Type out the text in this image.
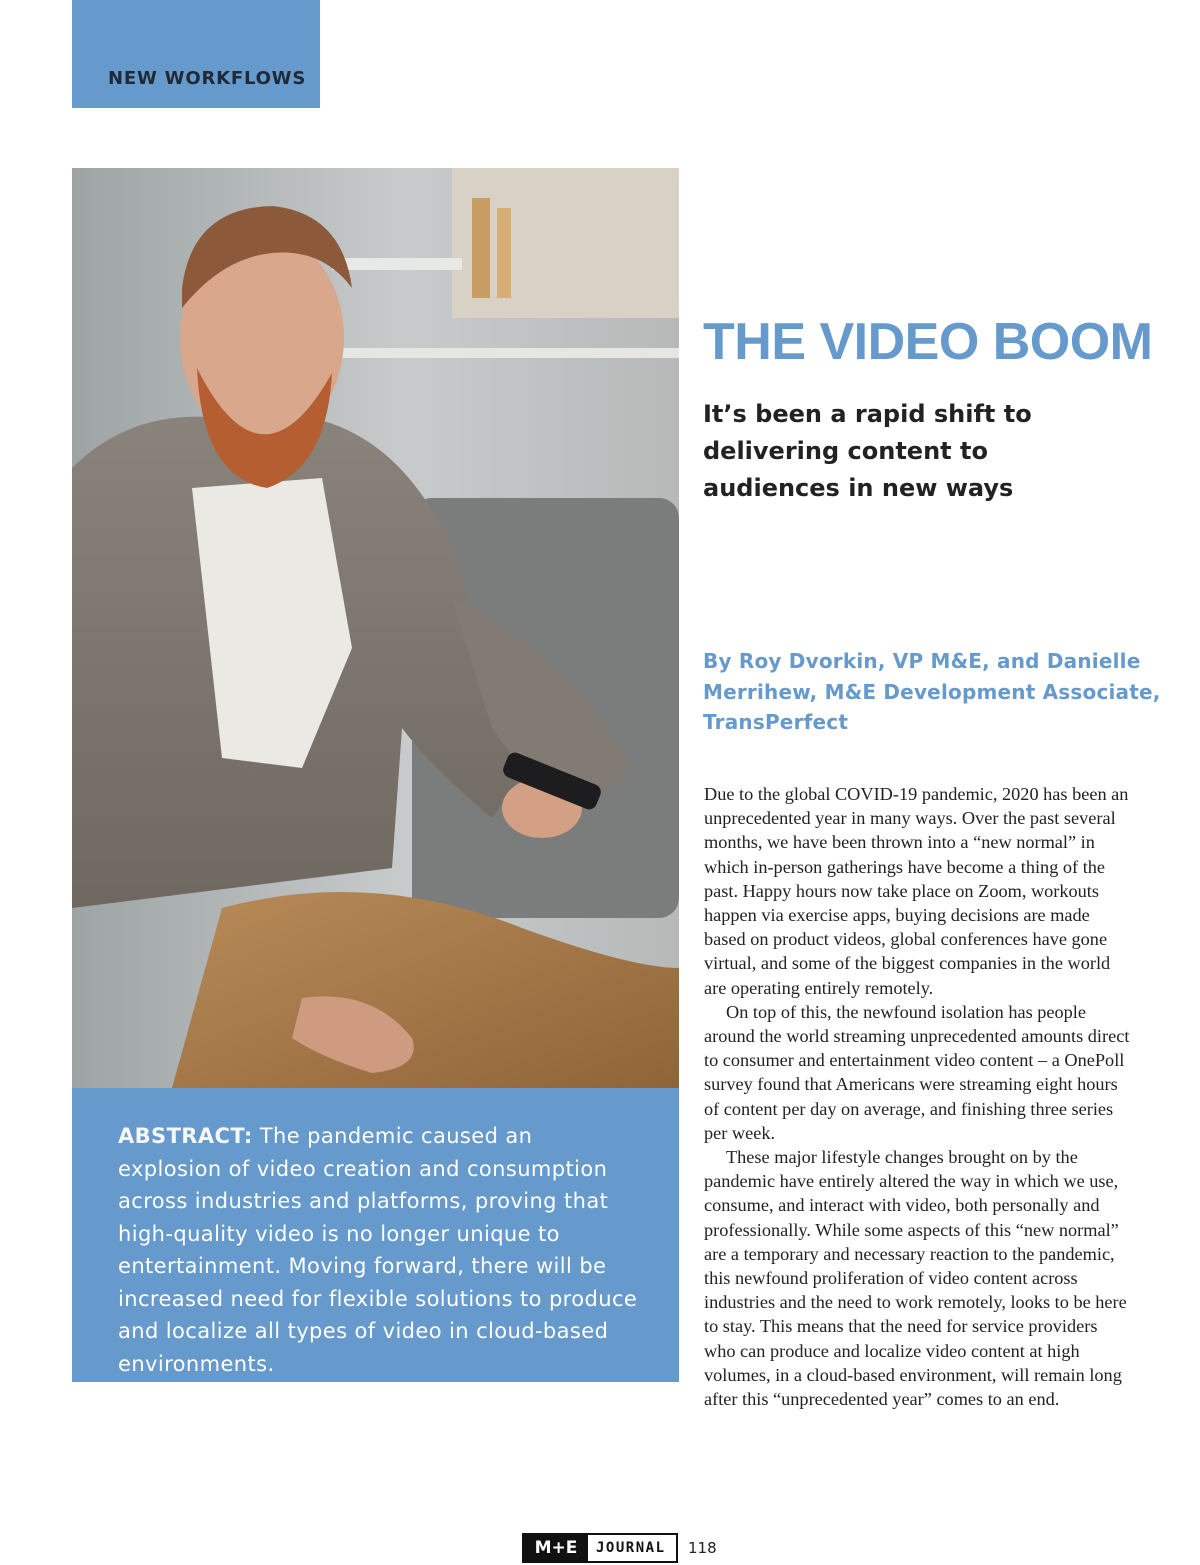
NEW WORKFLOWS

ABSTRACT: The pandemic caused an explosion of video creation and consumption across industries and platforms, proving that high-quality video is no longer unique to entertainment. Moving forward, there will be increased need for flexible solutions to produce and localize all types of video in cloud-based environments.

THE VIDEO BOOM
It’s been a rapid shift to delivering content to audiences in new ways

By Roy Dvorkin, VP M&E, and Danielle Merrihew, M&E Development Associate, TransPerfect

Due to the global COVID-19 pandemic, 2020 has been an unprecedented year in many ways. Over the past several months, we have been thrown into a “new normal” in which in-person gatherings have become a thing of the past. Happy hours now take place on Zoom, workouts happen via exercise apps, buying decisions are made based on product videos, global conferences have gone virtual, and some of the biggest companies in the world are operating entirely remotely.

On top of this, the newfound isolation has people around the world streaming unprecedented amounts direct to consumer and entertainment video content – a OnePoll survey found that Americans were streaming eight hours of content per day on average, and finishing three series per week.

These major lifestyle changes brought on by the pandemic have entirely altered the way in which we use, consume, and interact with video, both personally and professionally. While some aspects of this “new normal” are a temporary and necessary reaction to the pandemic, this newfound proliferation of video content across industries and the need to work remotely, looks to be here to stay. This means that the need for service providers who can produce and localize video content at high volumes, in a cloud-based environment, will remain long after this “unprecedented year” comes to an end.

M+E	JOURNAL 118
